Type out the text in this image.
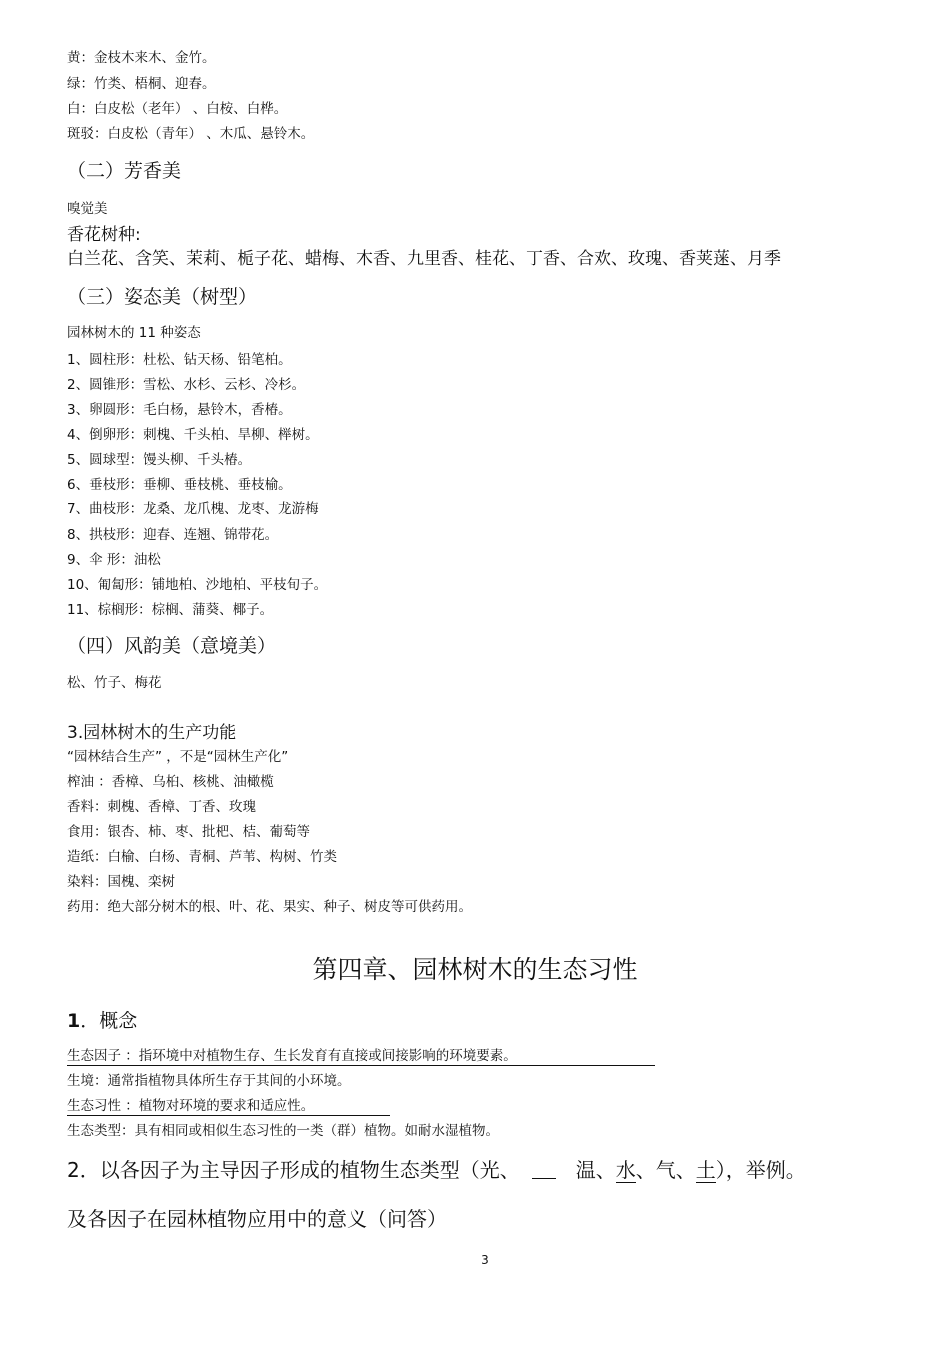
黄：金枝木来木、金竹。
绿：竹类、梧桐、迎春。
白：白皮松（老年） 、白桉、白桦。
斑驳：白皮松（青年） 、木瓜、悬铃木。
（二）芳香美
嗅觉美
香花树种:
白兰花、含笑、茉莉、栀子花、蜡梅、木香、九里香、桂花、丁香、合欢、玫瑰、香荚蒾、月季
（三）姿态美（树型）
园林树木的 11 种姿态
1、圆柱形：杜松、钻天杨、铅笔柏。
2、圆锥形：雪松、水杉、云杉、冷杉。
3、卵圆形：毛白杨，悬铃木，香椿。
4、倒卵形：刺槐、千头柏、旱柳、榉树。
5、圆球型：馒头柳、千头椿。
6、垂枝形：垂柳、垂枝桃、垂枝榆。
7、曲枝形：龙桑、龙爪槐、龙枣、龙游梅
8、拱枝形：迎春、连翘、锦带花。
9、伞 形：油松
10、匍匐形：铺地柏、沙地柏、平枝旬子。
11、棕榈形：棕榈、蒲葵、椰子。
（四）风韵美（意境美）
松、竹子、梅花
3.园林树木的生产功能
“园林结合生产” ，不是“园林生产化”
榨油 ：香樟、乌桕、核桃、油橄榄
香料：刺槐、香樟、丁香、玫瑰
食用：银杏、柿、枣、批杷、桔、葡萄等
造纸：白榆、白杨、青桐、芦苇、构树、竹类
染料：国槐、栾树
药用：绝大部分树木的根、叶、花、果实、种子、树皮等可供药用。
第四章、园林树木的生态习性
1．概念
生态因子 ：指环境中对植物生存、生长发育有直接或间接影响的环境要素。
生境：通常指植物具体所生存于其间的小环境。
生态习性 ：植物对环境的要求和适应性。
生态类型：具有相同或相似生态习性的一类（群）植物。如耐水湿植物。
2．以各因子为主导因子形成的植物生态类型（光、	温、水、气、土），举例。
及各因子在园林植物应用中的意义（问答）
3
